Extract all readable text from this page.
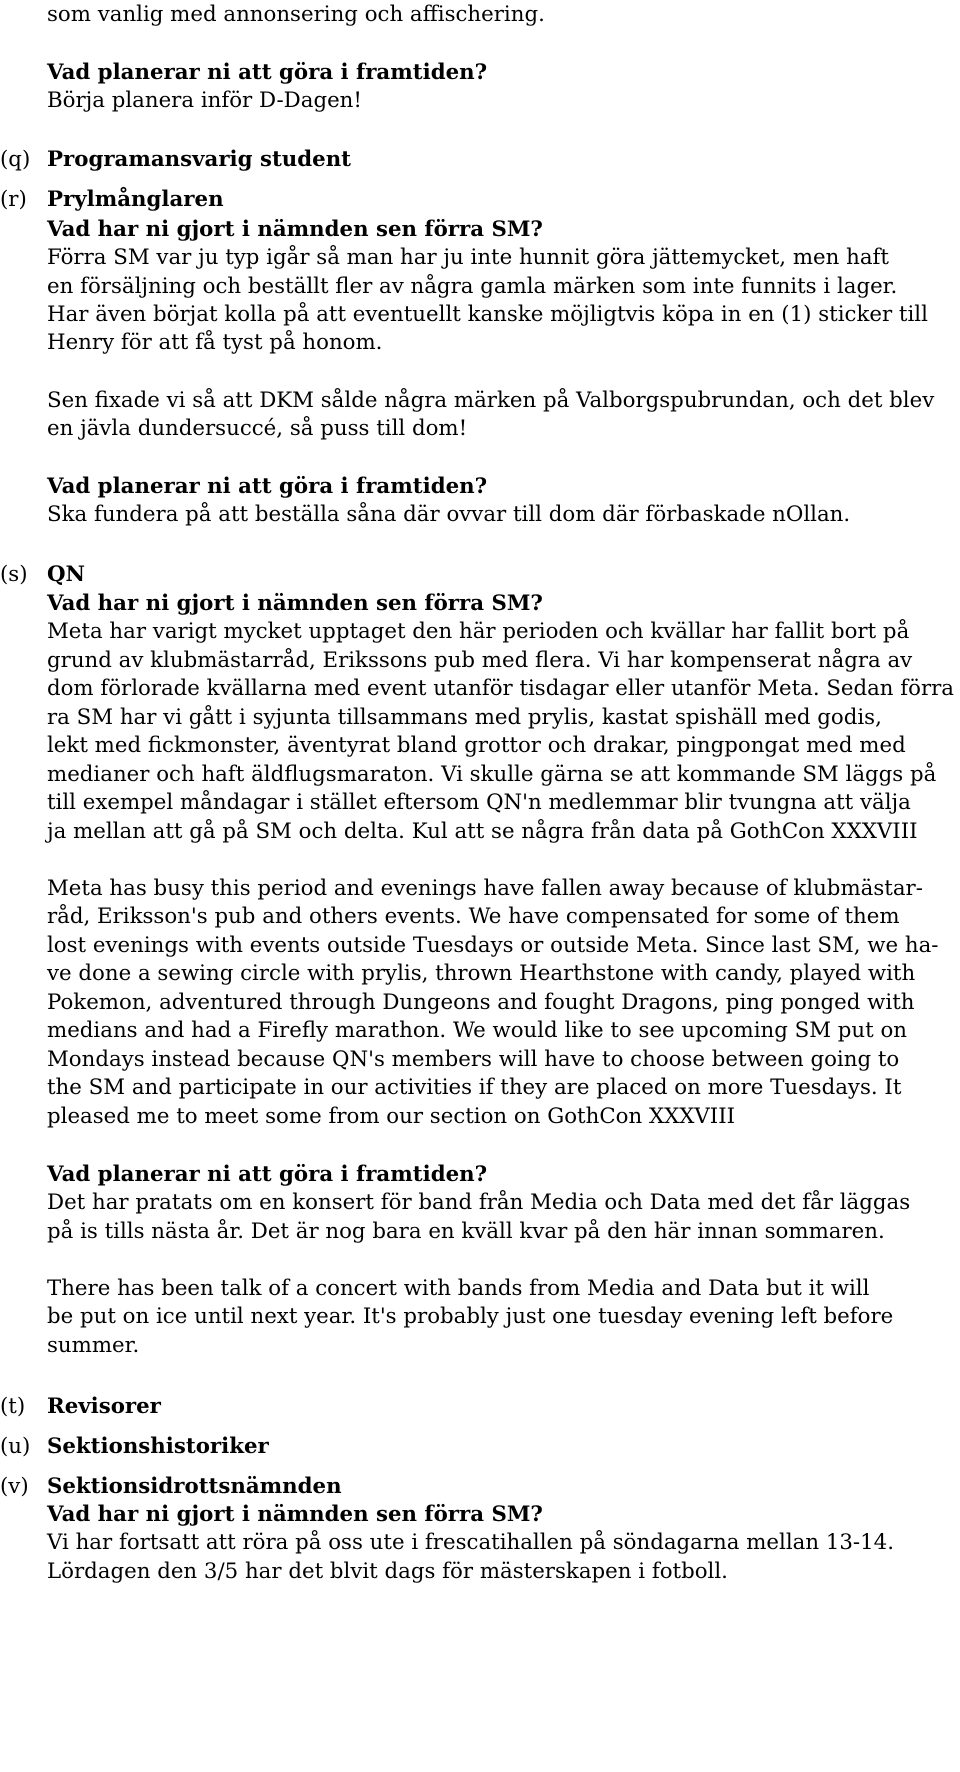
som vanlig med annonsering och affischering.

Vad planerar ni att göra i framtiden?

Börja planera inför D-Dagen!

(q) Programansvarig student

(r) Prylmånglaren

Vad har ni gjort i nämnden sen förra SM?

Förra SM var ju typ igår så man har ju inte hunnit göra jättemycket, men haft

en försäljning och beställt fler av några gamla märken som inte funnits i lager.

Har även börjat kolla på att eventuellt kanske möjligtvis köpa in en (1) sticker till

Henry för att få tyst på honom.

Sen fixade vi så att DKM sålde några märken på Valborgspubrundan, och det blev

en jävla dundersuccé, så puss till dom!

Vad planerar ni att göra i framtiden?

Ska fundera på att beställa såna där ovvar till dom där förbaskade nOllan.

(s) QN

Vad har ni gjort i nämnden sen förra SM?

Meta har varigt mycket upptaget den här perioden och kvällar har fallit bort på

grund av klubmästarråd, Erikssons pub med flera. Vi har kompenserat några av

dom förlorade kvällarna med event utanför tisdagar eller utanför Meta. Sedan förra

ra SM har vi gått i syjunta tillsammans med prylis, kastat spishäll med godis,

lekt med fickmonster, äventyrat bland grottor och drakar, pingpongat med med

medianer och haft äldflugsmaraton. Vi skulle gärna se att kommande SM läggs på

till exempel måndagar i stället eftersom QN'n medlemmar blir tvungna att välja

ja mellan att gå på SM och delta. Kul att se några från data på GothCon XXXVIII

Meta has busy this period and evenings have fallen away because of klubmästar-

råd, Eriksson's pub and others events. We have compensated for some of them

lost evenings with events outside Tuesdays or outside Meta. Since last SM, we ha-

ve done a sewing circle with prylis, thrown Hearthstone with candy, played with

Pokemon, adventured through Dungeons and fought Dragons, ping ponged with

medians and had a Firefly marathon. We would like to see upcoming SM put on

Mondays instead because QN's members will have to choose between going to

the SM and participate in our activities if they are placed on more Tuesdays. It

pleased me to meet some from our section on GothCon XXXVIII

Vad planerar ni att göra i framtiden?

Det har pratats om en konsert för band från Media och Data med det får läggas

på is tills nästa år. Det är nog bara en kväll kvar på den här innan sommaren.

There has been talk of a concert with bands from Media and Data but it will

be put on ice until next year. It's probably just one tuesday evening left before

summer.

(t) Revisorer

(u) Sektionshistoriker

(v) Sektionsidrottsnämnden

Vad har ni gjort i nämnden sen förra SM?

Vi har fortsatt att röra på oss ute i frescatihallen på söndagarna mellan 13-14.

Lördagen den 3/5 har det blvit dags för mästerskapen i fotboll.
